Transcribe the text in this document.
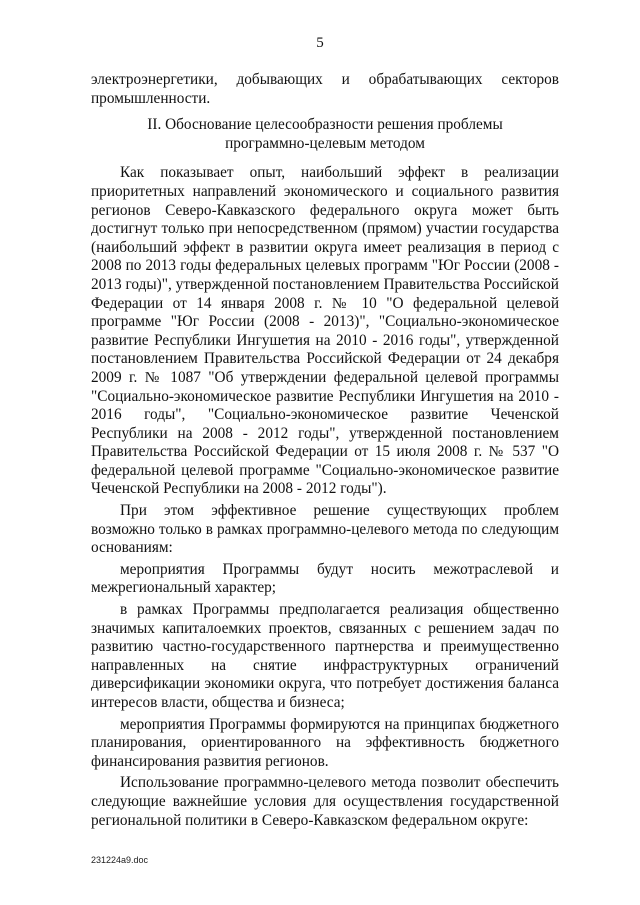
5

электроэнергетики, добывающих и обрабатывающих секторов промышленности.

II. Обоснование целесообразности решения проблемы
программно-целевым методом

Как показывает опыт, наибольший эффект в реализации приоритетных направлений экономического и социального развития регионов Северо-Кавказского федерального округа может быть достигнут только при непосредственном (прямом) участии государства (наибольший эффект в развитии округа имеет реализация в период с 2008 по 2013 годы федеральных целевых программ "Юг России (2008 - 2013 годы)", утвержденной постановлением Правительства Российской Федерации от 14 января 2008 г. № 10 "О федеральной целевой программе "Юг России (2008 - 2013)", "Социально-экономическое развитие Республики Ингушетия на 2010 - 2016 годы", утвержденной постановлением Правительства Российской Федерации от 24 декабря 2009 г. № 1087 "Об утверждении федеральной целевой программы "Социально-экономическое развитие Республики Ингушетия на 2010 - 2016 годы", "Социально-экономическое развитие Чеченской Республики на 2008 - 2012 годы", утвержденной постановлением Правительства Российской Федерации от 15 июля 2008 г. № 537 "О федеральной целевой программе "Социально-экономическое развитие Чеченской Республики на 2008 - 2012 годы").

При этом эффективное решение существующих проблем возможно только в рамках программно-целевого метода по следующим основаниям:

мероприятия Программы будут носить межотраслевой и межрегиональный характер;

в рамках Программы предполагается реализация общественно значимых капиталоемких проектов, связанных с решением задач по развитию частно-государственного партнерства и преимущественно направленных на снятие инфраструктурных ограничений диверсификации экономики округа, что потребует достижения баланса интересов власти, общества и бизнеса;

мероприятия Программы формируются на принципах бюджетного планирования, ориентированного на эффективность бюджетного финансирования развития регионов.

Использование программно-целевого метода позволит обеспечить следующие важнейшие условия для осуществления государственной региональной политики в Северо-Кавказском федеральном округе:

231224a9.doc
